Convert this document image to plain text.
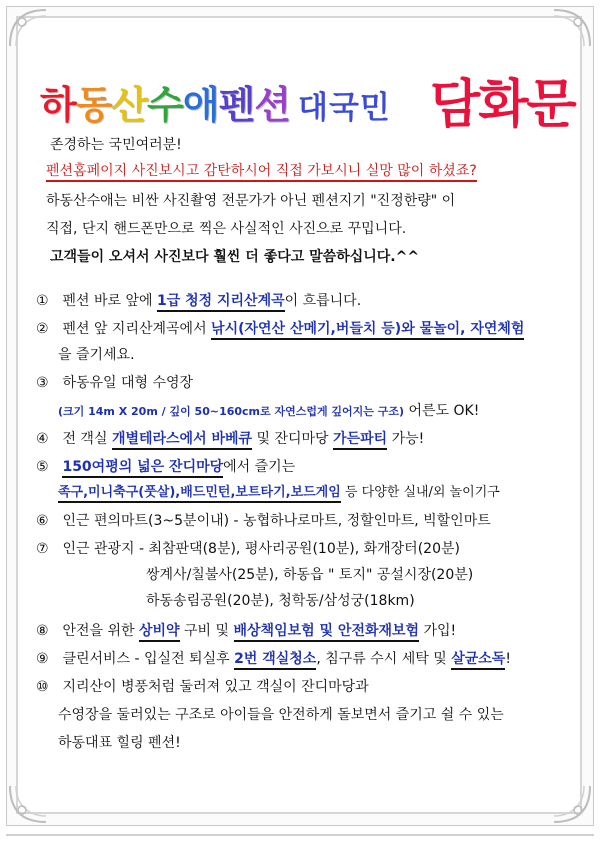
하동산수애펜션 대국민 담화문
존경하는 국민여러분!
펜션홈페이지 사진보시고 감탄하시어 직접 가보시니 실망 많이 하셨죠?
하동산수애는 비싼 사진촬영 전문가가 아닌 펜션지기 "진정한량" 이
직접, 단지 핸드폰만으로 찍은 사실적인 사진으로 꾸밉니다.
고객들이 오셔서 사진보다 훨씬 더 좋다고 말씀하십니다.^^
① 펜션 바로 앞에 1급 청정 지리산계곡이 흐릅니다.
② 펜션 앞 지리산계곡에서 낚시(자연산 산메기,버들치 등)와 물놀이, 자연체험
을 즐기세요.
③ 하동유일 대형 수영장
(크기 14m X 20m / 깊이 50~160cm로 자연스럽게 깊어지는 구조) 어른도 OK!
④ 전 객실 개별테라스에서 바베큐 및 잔디마당 가든파티 가능!
⑤ 150여평의 넓은 잔디마당에서 즐기는
족구,미니축구(풋살),배드민턴,보트타기,보드게임 등 다양한 실내/외 놀이기구
⑥ 인근 편의마트(3~5분이내) - 농협하나로마트, 정할인마트, 빅할인마트
⑦ 인근 관광지 - 최참판댁(8분), 평사리공원(10분), 화개장터(20분)
쌍계사/칠불사(25분), 하동읍 " 토지" 공설시장(20분)
하동송림공원(20분), 청학동/삼성궁(18km)
⑧ 안전을 위한 상비약 구비 및 배상책임보험 및 안전화재보험 가입!
⑨ 클린서비스 - 입실전 퇴실후 2번 객실청소, 침구류 수시 세탁 및 살균소독!
⑩ 지리산이 병풍처럼 둘러져 있고 객실이 잔디마당과
수영장을 둘러있는 구조로 아이들을 안전하게 돌보면서 즐기고 쉴 수 있는
하동대표 힐링 펜션!
